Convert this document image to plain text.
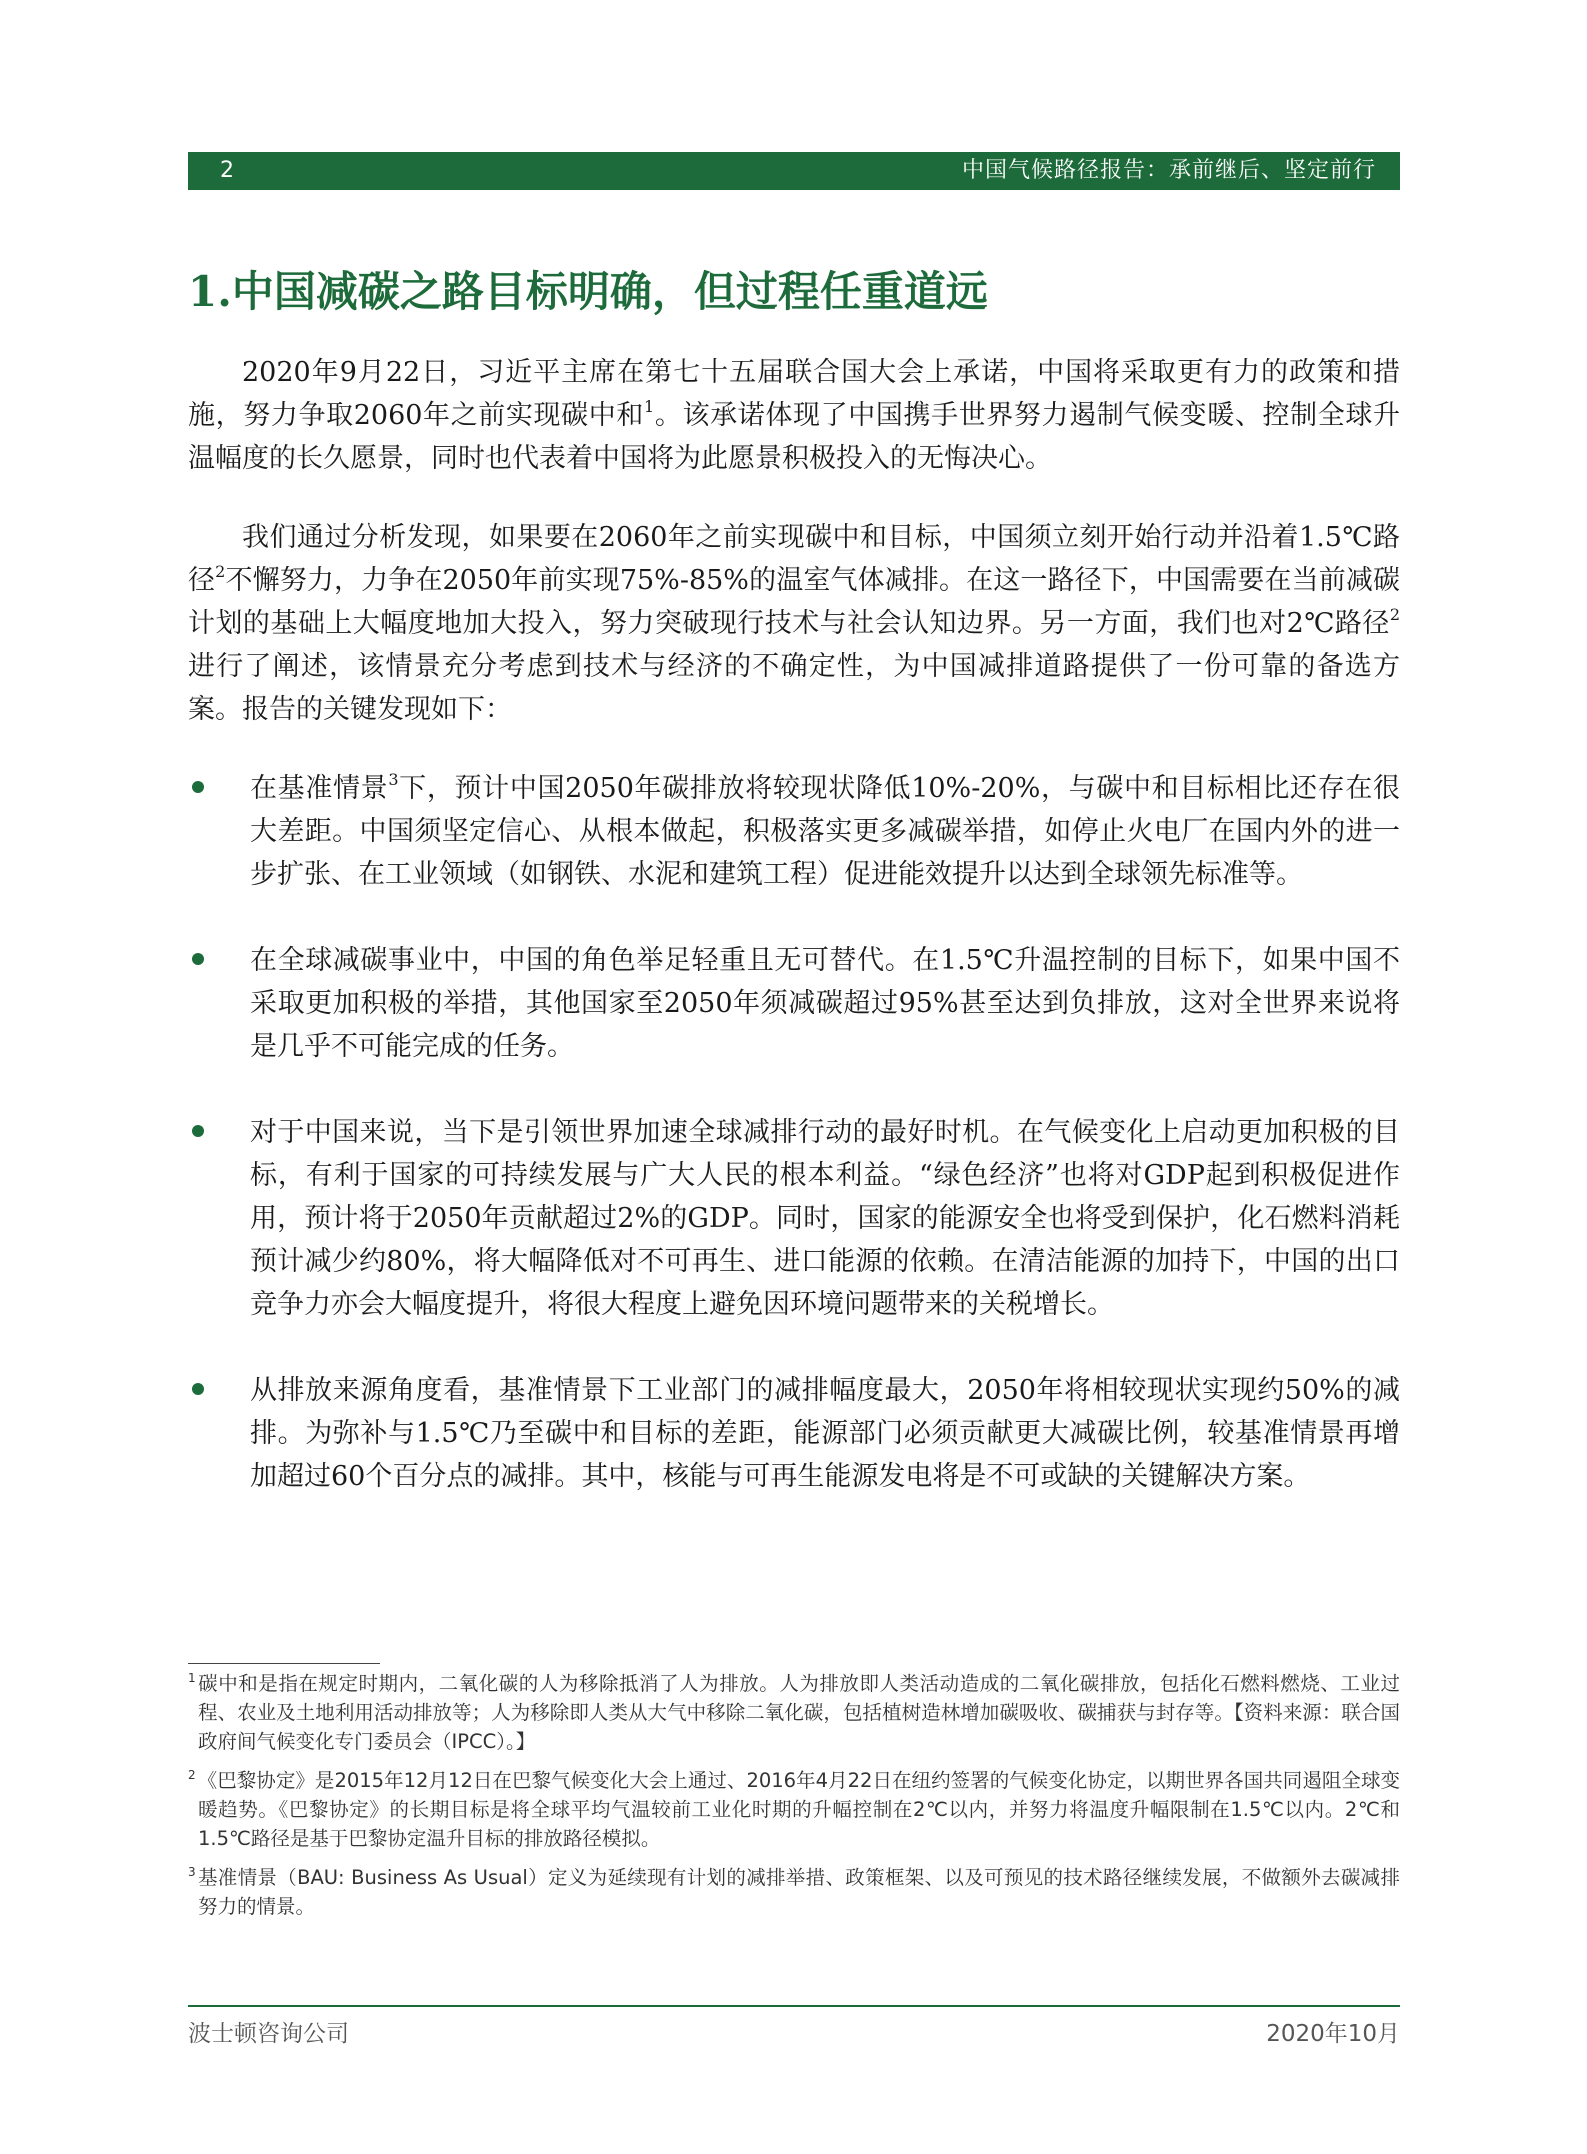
2	中国气候路径报告：承前继后、坚定前行
1.中国减碳之路目标明确，但过程任重道远

2020年9月22日，习近平主席在第七十五届联合国大会上承诺，中国将采取更有力的政策和措施，努力争取2060年之前实现碳中和$^1$。该承诺体现了中国携手世界努力遏制气候变暖、控制全球升温幅度的长久愿景，同时也代表着中国将为此愿景积极投入的无悔决心。

我们通过分析发现，如果要在2060年之前实现碳中和目标，中国须立刻开始行动并沿着1.5℃路径$^2$不懈努力，力争在2050年前实现75%-85%的温室气体减排。在这一路径下，中国需要在当前减碳计划的基础上大幅度地加大投入，努力突破现行技术与社会认知边界。另一方面，我们也对2℃路径$^2$进行了阐述，该情景充分考虑到技术与经济的不确定性，为中国减排道路提供了一份可靠的备选方案。报告的关键发现如下：

在基准情景$^3$下，预计中国2050年碳排放将较现状降低10%-20%，与碳中和目标相比还存在很大差距。中国须坚定信心、从根本做起，积极落实更多减碳举措，如停止火电厂在国内外的进一步扩张、在工业领域（如钢铁、水泥和建筑工程）促进能效提升以达到全球领先标准等。
在全球减碳事业中，中国的角色举足轻重且无可替代。在1.5℃升温控制的目标下，如果中国不采取更加积极的举措，其他国家至2050年须减碳超过95%甚至达到负排放，这对全世界来说将是几乎不可能完成的任务。
对于中国来说，当下是引领世界加速全球减排行动的最好时机。在气候变化上启动更加积极的目标，有利于国家的可持续发展与广大人民的根本利益。“绿色经济”也将对GDP起到积极促进作用，预计将于2050年贡献超过2%的GDP。同时，国家的能源安全也将受到保护，化石燃料消耗预计减少约80%，将大幅降低对不可再生、进口能源的依赖。在清洁能源的加持下，中国的出口竞争力亦会大幅度提升，将很大程度上避免因环境问题带来的关税增长。
从排放来源角度看，基准情景下工业部门的减排幅度最大，2050年将相较现状实现约50%的减排。为弥补与1.5℃乃至碳中和目标的差距，能源部门必须贡献更大减碳比例，较基准情景再增加超过60个百分点的减排。其中，核能与可再生能源发电将是不可或缺的关键解决方案。

$^1$ 碳中和是指在规定时期内，二氧化碳的人为移除抵消了人为排放。人为排放即人类活动造成的二氧化碳排放，包括化石燃料燃烧、工业过程、农业及土地利用活动排放等；人为移除即人类从大气中移除二氧化碳，包括植树造林增加碳吸收、碳捕获与封存等。【资料来源：联合国政府间气候变化专门委员会（IPCC）。】

$^2$ 《巴黎协定》是2015年12月12日在巴黎气候变化大会上通过、2016年4月22日在纽约签署的气候变化协定，以期世界各国共同遏阻全球变暖趋势。《巴黎协定》的长期目标是将全球平均气温较前工业化时期的升幅控制在2℃以内，并努力将温度升幅限制在1.5℃以内。2℃和1.5℃路径是基于巴黎协定温升目标的排放路径模拟。

$^3$ 基准情景（BAU: Business As Usual）定义为延续现有计划的减排举措、政策框架、以及可预见的技术路径继续发展，不做额外去碳减排努力的情景。

波士顿咨询公司	2020年10月
